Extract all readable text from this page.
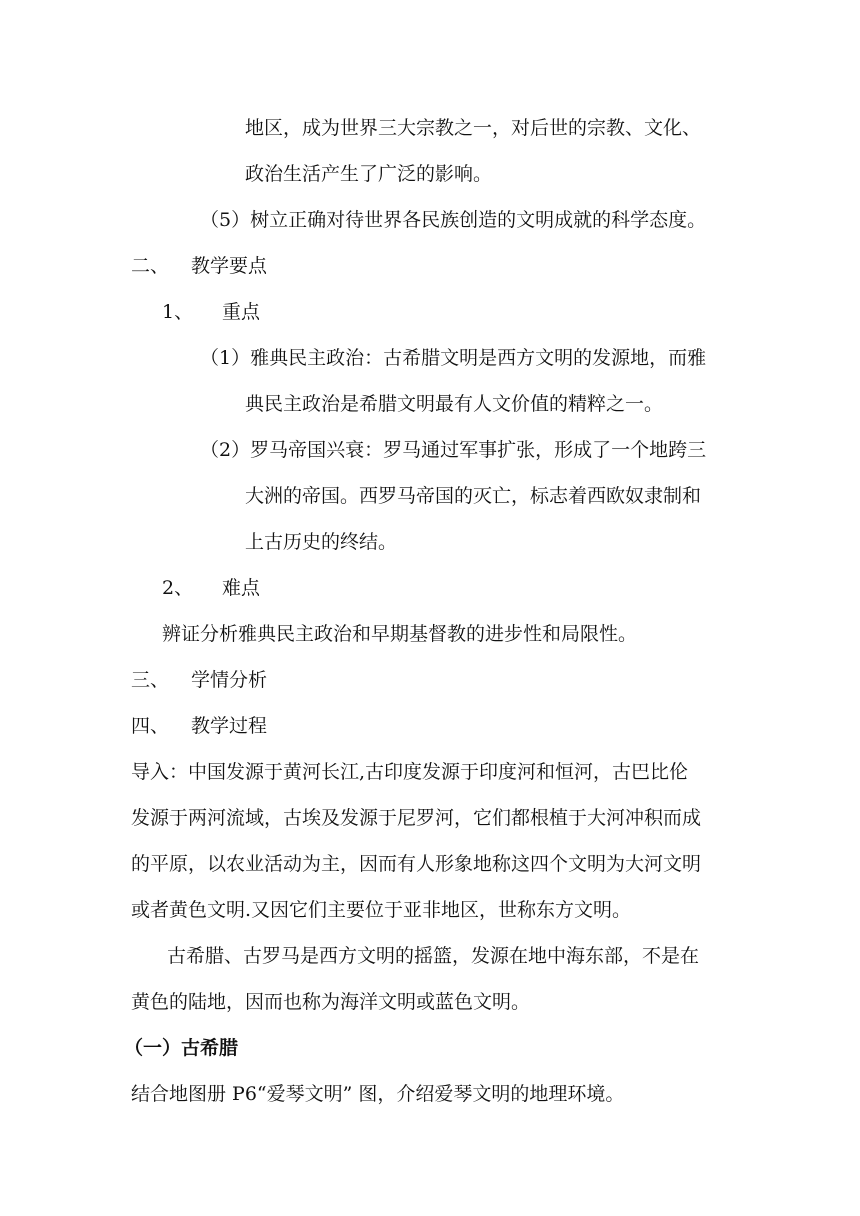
地区，成为世界三大宗教之一，对后世的宗教、文化、
政治生活产生了广泛的影响。
（5）树立正确对待世界各民族创造的文明成就的科学态度。
二、 教学要点
1、 重点
（1）雅典民主政治：古希腊文明是西方文明的发源地，而雅
典民主政治是希腊文明最有人文价值的精粹之一。
（2）罗马帝国兴衰：罗马通过军事扩张，形成了一个地跨三
大洲的帝国。西罗马帝国的灭亡，标志着西欧奴隶制和
上古历史的终结。
2、 难点
辨证分析雅典民主政治和早期基督教的进步性和局限性。
三、 学情分析
四、 教学过程
导入：中国发源于黄河长江,古印度发源于印度河和恒河，古巴比伦
发源于两河流域，古埃及发源于尼罗河，它们都根植于大河冲积而成
的平原，以农业活动为主，因而有人形象地称这四个文明为大河文明
或者黄色文明.又因它们主要位于亚非地区，世称东方文明。
古希腊、古罗马是西方文明的摇篮，发源在地中海东部，不是在
黄色的陆地，因而也称为海洋文明或蓝色文明。
（一）古希腊
结合地图册 P6“爱琴文明” 图，介绍爱琴文明的地理环境。
